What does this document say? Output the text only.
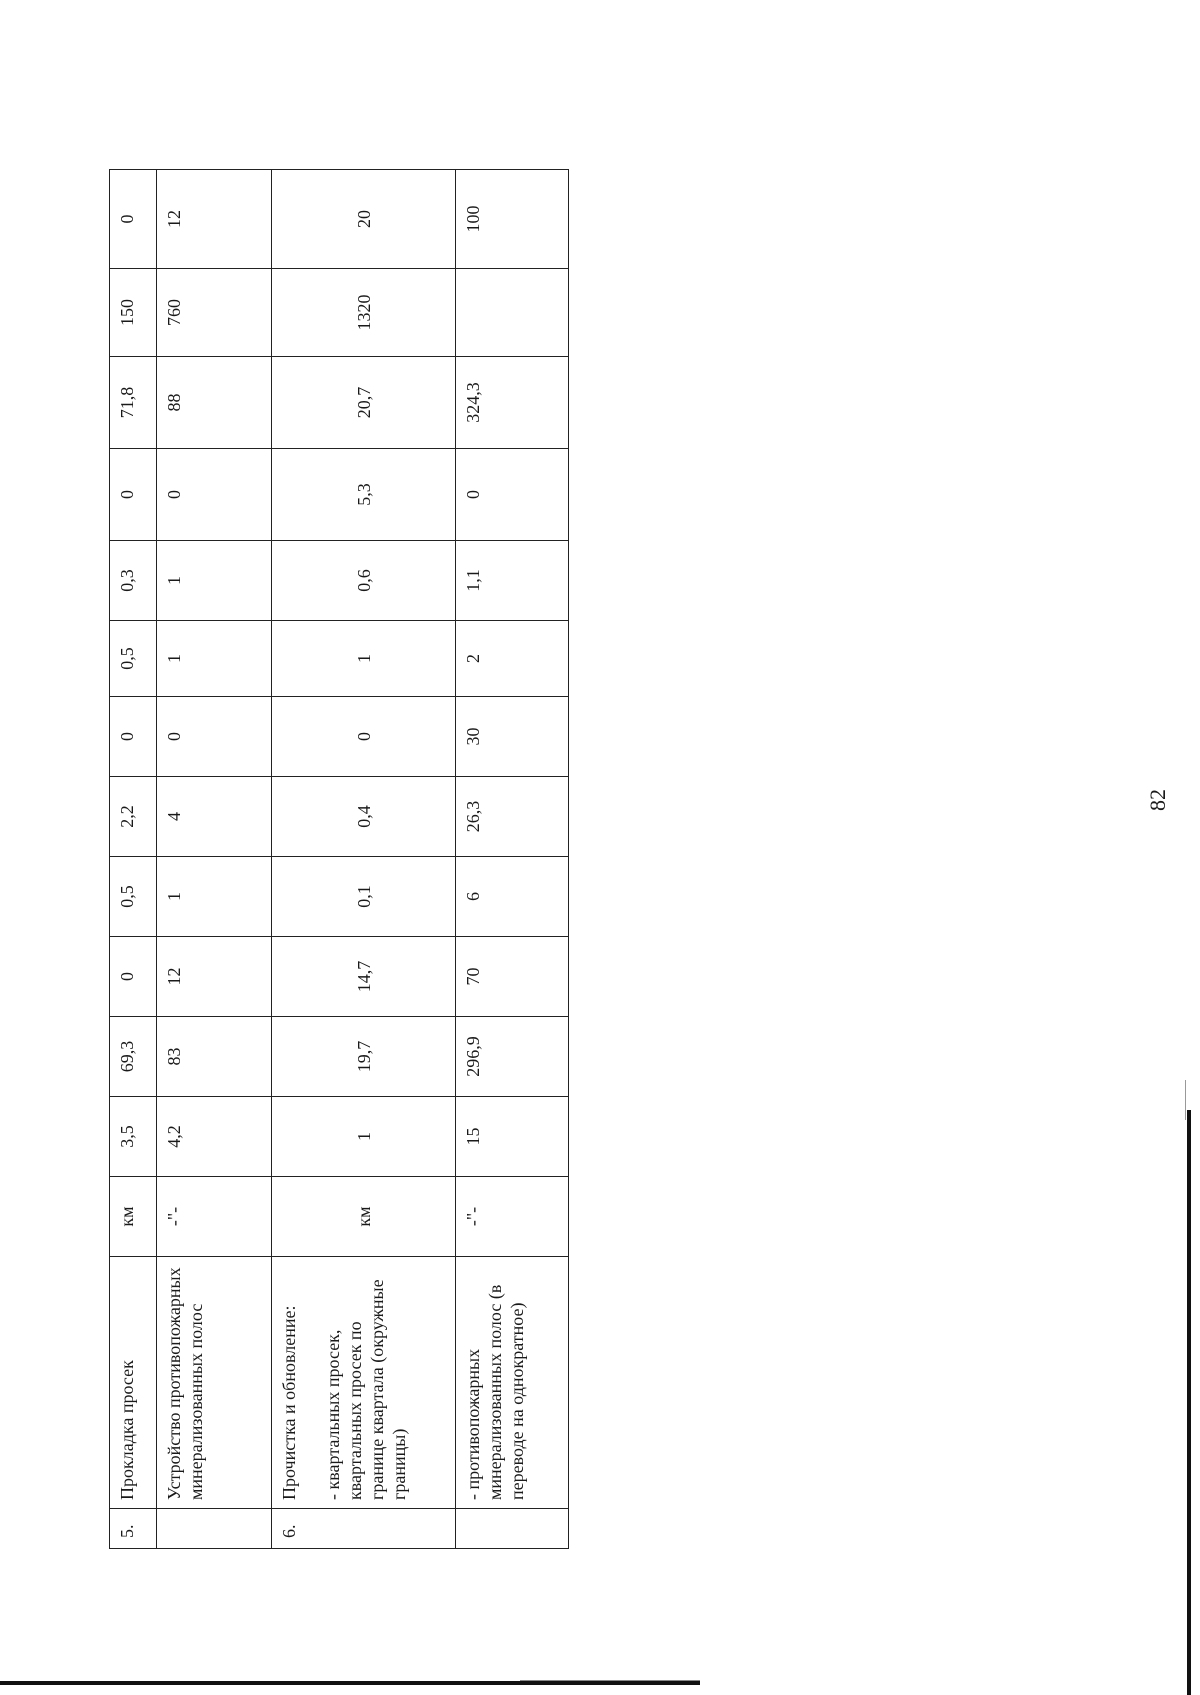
5.	Прокладка просек	км	3,5	69,3	0	0,5	2,2	0	0,5	0,3	0	71,8	150	0
	Устройство противопожарных минерализованных полос	-"-	4,2	83	12	1	4	0	1	1	0	88	760	12
6.	Прочистка и обновление: - квартальных просек, квартальных просек по границе квартала (окружные границы)	км	1	19,7	14,7	0,1	0,4	0	1	0,6	5,3	20,7	1320	20
	- противопожарных минерализованных полос (в переводе на однократное)	-"-	15	296,9	70	6	26,3	30	2	1,1	0	324,3		100
82
